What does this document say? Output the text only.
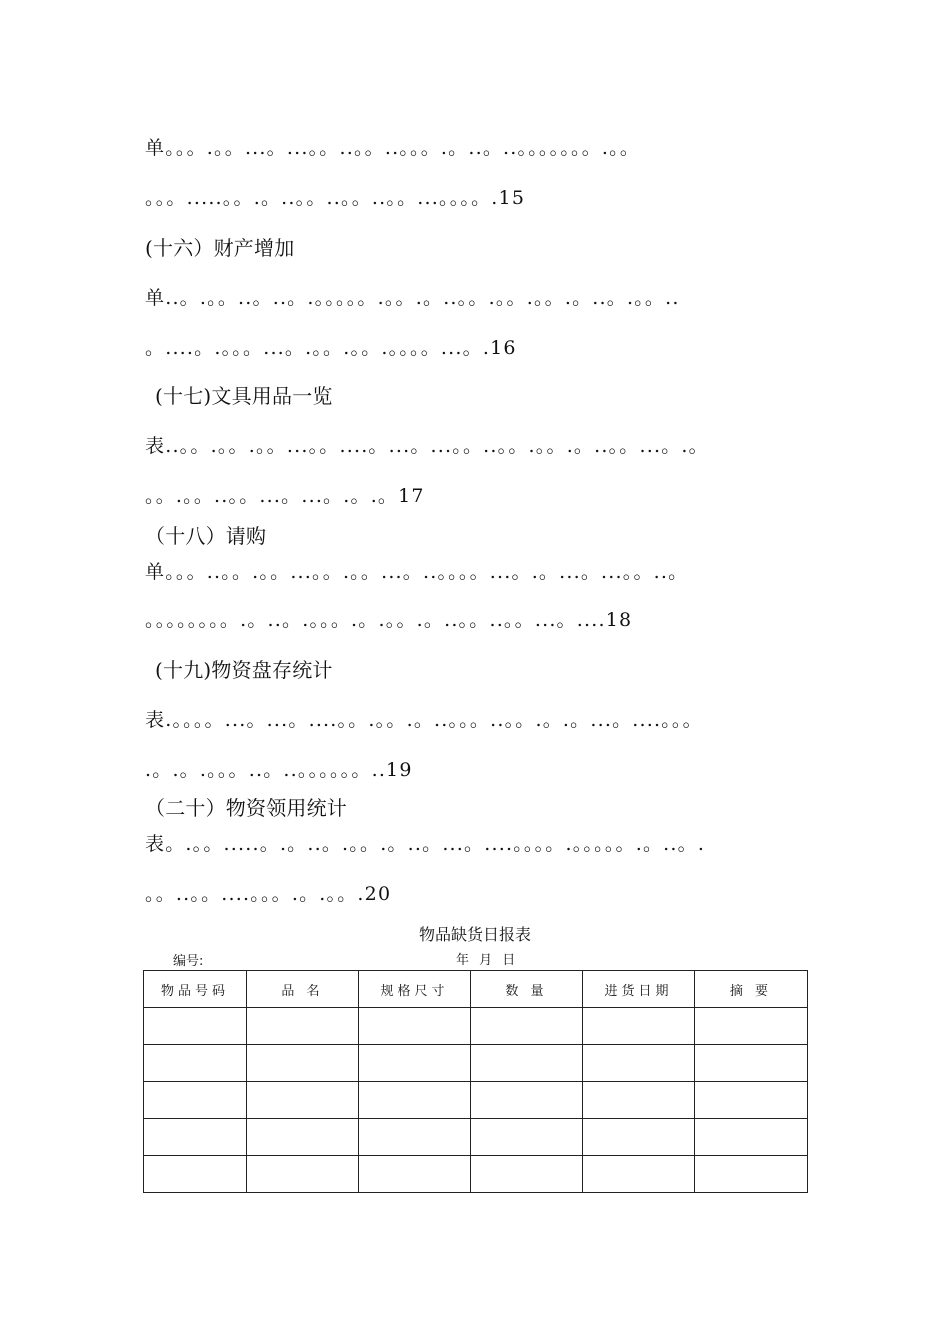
单。。。.。。...。...。。..。。..。。。.。..。..。。。。。。。.。。
。。。.....。。.。..。。..。。..。。...。。。。.15
(十六）财产增加
单..。.。。..。..。.。。。。。.。。.。..。。.。。.。。.。..。.。。..
。....。.。。。...。.。。.。。.。。。。...。.16
(十七)文具用品一览
表..。。.。。.。。...。。....。...。...。。..。。.。。.。..。。...。.。
。。.。。..。。...。...。.。.。17
（十八）请购
单。。。..。。.。。...。。.。。...。..。。。。...。.。...。...。。..。
。。。。。。。。.。..。.。。。.。.。。.。..。。..。。...。....18
(十九)物资盘存统计
表.。。。。...。...。....。。.。。.。..。。。..。。.。.。...。....。。。
.。.。.。。。..。..。。。。。。..19
（二十）物资领用统计
表。.。。.....。.。..。.。。.。..。...。....。。。。.。。。。。.。..。.
。。..。。....。。。.。.。。.20
物品缺货日报表
编号:	年 月 日
物品号码	品 名	规格尺寸	数 量	进货日期	摘 要
